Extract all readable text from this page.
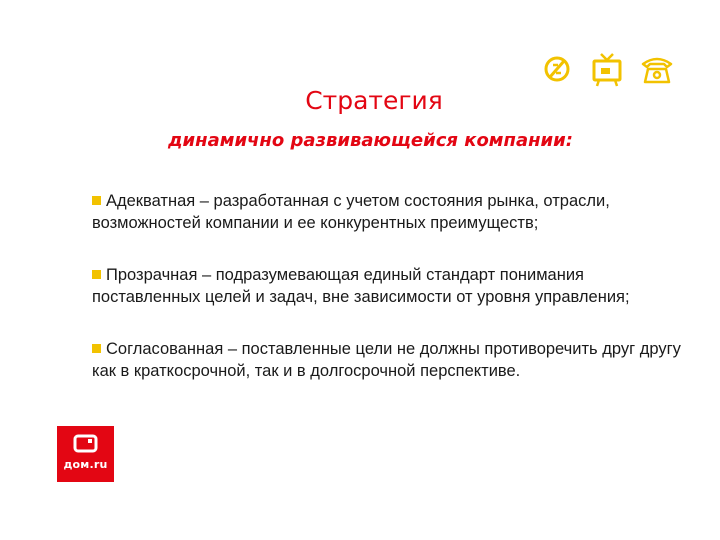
Стратегия
динамично развивающейся компании:

Адекватная – разработанная с учетом состояния рынка, отрасли, возможностей компании и ее конкурентных преимуществ;

Прозрачная – подразумевающая единый стандарт понимания поставленных целей и задач, вне зависимости от уровня управления;

Согласованная – поставленные цели не должны противоречить друг другу как в краткосрочной, так и в долгосрочной перспективе.

дом.ru
